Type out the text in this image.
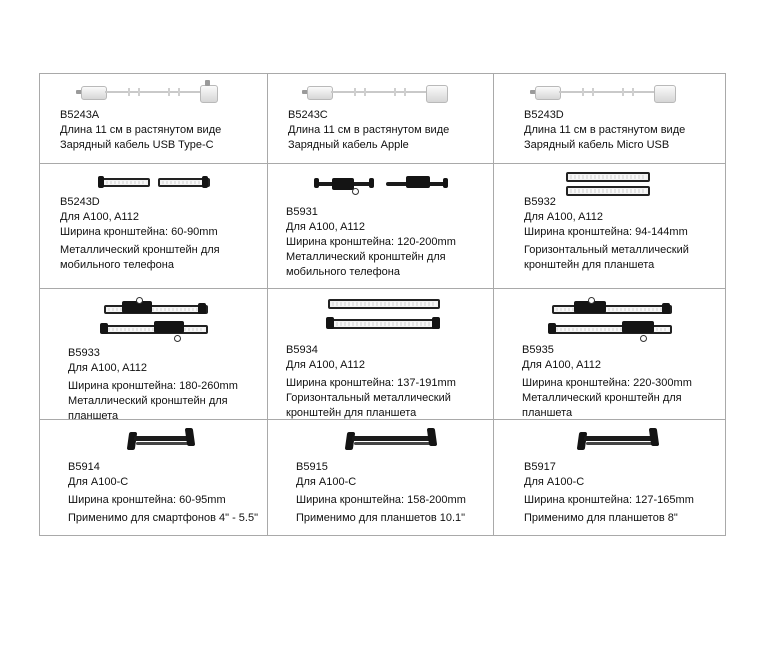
B5243A
Длина 11 см в растянутом виде
Зарядный кабель USB Type-C
B5243C
Длина 11 см в растянутом виде
Зарядный кабель Apple
B5243D
Длина 11 см в растянутом виде
Зарядный кабель Micro USB
B5243D
Для A100, A112
Ширина кронштейна: 60-90mm
Металлический кронштейн для
мобильного телефона
B5931
Для A100, A112
Ширина кронштейна: 120-200mm
Металлический кронштейн для
мобильного телефона
B5932
Для A100, A112
Ширина кронштейна: 94-144mm
Горизонтальный металлический
кронштейн для планшета
B5933
Для A100, A112
Ширина кронштейна: 180-260mm
Металлический кронштейн для
планшета
B5934
Для A100, A112
Ширина кронштейна: 137-191mm
Горизонтальный металлический
кронштейн для планшета
B5935
Для A100, A112
Ширина кронштейна: 220-300mm
Металлический кронштейн для
планшета
B5914
Для A100-C
Ширина кронштейна: 60-95mm
Применимо для смартфонов 4" - 5.5"
B5915
Для A100-C
Ширина кронштейна: 158-200mm
Применимо для планшетов 10.1"
B5917
Для A100-C
Ширина кронштейна: 127-165mm
Применимо для планшетов 8"
